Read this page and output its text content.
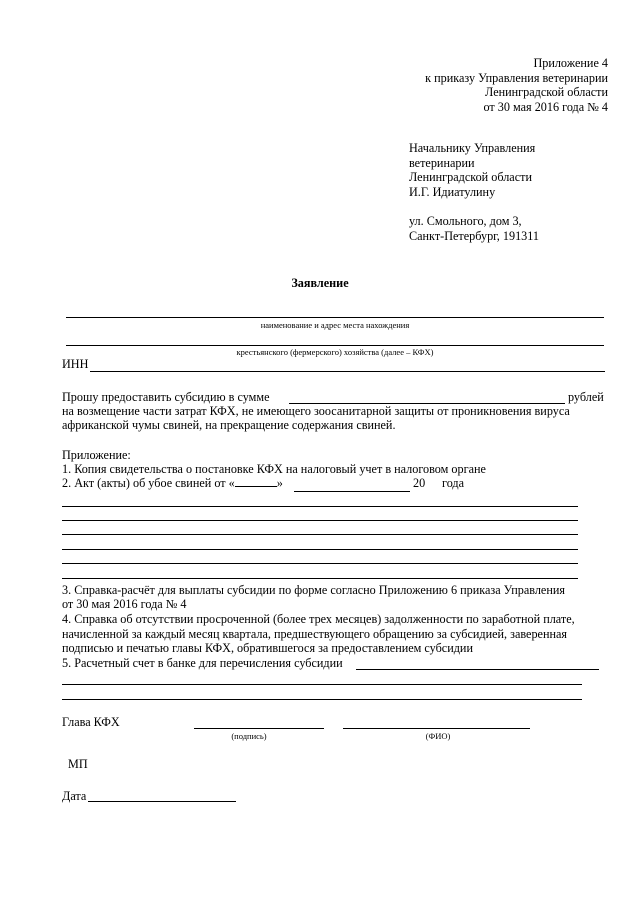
Приложение 4
к приказу Управления ветеринарии
Ленинградской области
от 30 мая 2016 года № 4
Начальнику Управления
ветеринарии
Ленинградской области
И.Г. Идиатулину
ул. Смольного, дом 3,
Санкт-Петербург, 191311
Заявление
наименование и адрес места нахождения
крестьянского (фермерского) хозяйства (далее – КФХ)
ИНН
Прошу предоставить субсидию в сумме	рублей
на возмещение части затрат КФХ, не имеющего зоосанитарной защиты от проникновения вируса
африканской чумы свиней, на прекращение содержания свиней.
Приложение:
1. Копия свидетельства о постановке КФХ на налоговый учет в налоговом органе
2. Акт (акты) об убое свиней от «	»	20 года
3. Справка-расчёт для выплаты субсидии по форме согласно Приложению 6 приказа Управления
от 30 мая 2016 года № 4
4. Справка об отсутствии просроченной (более трех месяцев) задолженности по заработной плате,
начисленной за каждый месяц квартала, предшествующего обращению за субсидией, заверенная
подписью и печатью главы КФХ, обратившегося за предоставлением субсидии
5. Расчетный счет в банке для перечисления субсидии
Глава КФХ
(подпись)	(ФИО)
МП
Дата
